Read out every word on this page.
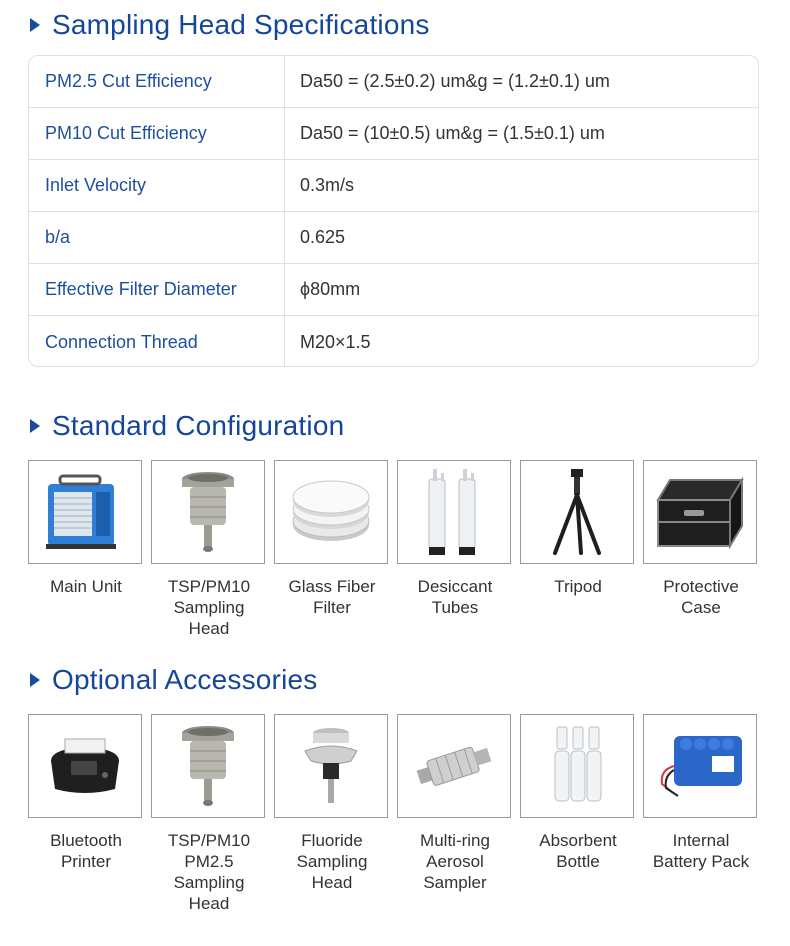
Sampling Head Specifications
PM2.5 Cut Efficiency	Da50 = (2.5±0.2) um&g = (1.2±0.1) um
PM10 Cut Efficiency	Da50 = (10±0.5) um&g = (1.5±0.1) um
Inlet Velocity	0.3m/s
b/a	0.625
Effective Filter Diameter	ϕ80mm
Connection Thread	M20×1.5
Standard Configuration
Main Unit	TSP/PM10
Sampling Head
Glass Fiber
Filter
Desiccant
Tubes
Tripod	Protective
Case
Optional Accessories
Bluetooth
Printer
TSP/PM10
PM2.5
Sampling Head
Fluoride
Sampling Head
Multi-ring
Aerosol Sampler
Absorbent
Bottle
Internal
Battery Pack
